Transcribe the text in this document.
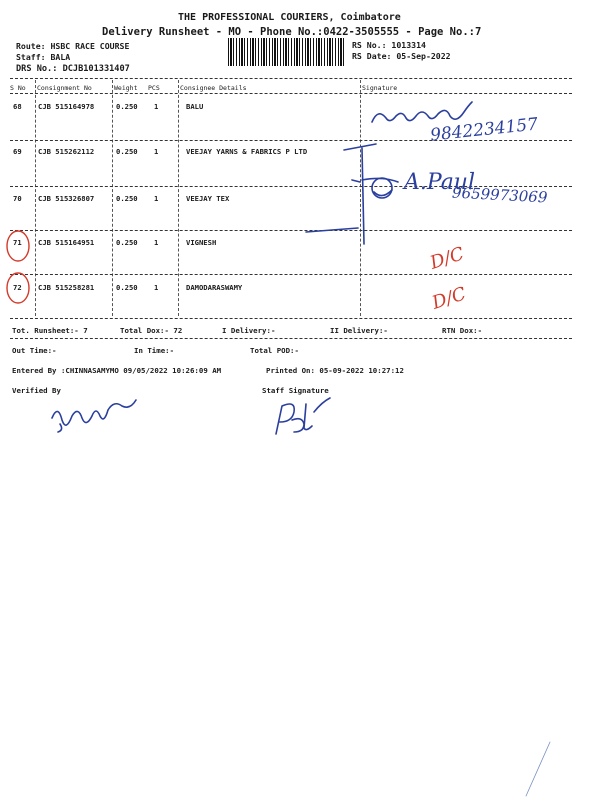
THE PROFESSIONAL COURIERS, Coimbatore
Delivery Runsheet - MO - Phone No.:0422-3505555 - Page No.:7
Route: HSBC RACE COURSE
Staff: BALA
DRS No.: DCJB101331407
RS No.: 1013314
RS Date: 05-Sep-2022
S No Consignment No	Weight PCS	Consignee Details	Signature
68 CJB 515164978	0.250 1	BALU
69 CJB 515262112	0.250 1	VEEJAY YARNS & FABRICS P LTD
70 CJB 515326807	0.250 1	VEEJAY TEX
71 CJB 515164951	0.250 1	VIGNESH
72 CJB 515258281	0.250 1	DAMODARASWAMY
Tot. Runsheet:- 7	Total Dox:- 72	I Delivery:-	II Delivery:-	RTN Dox:-
Out Time:-	In Time:-	Total POD:-
Entered By :CHINNASAMYMO 09/05/2022 10:26:09 AM	Printed On: 05-09-2022 10:27:12
Verified By	Staff Signature
9842234157
A.Paul
9659973069
D/C
D/C
